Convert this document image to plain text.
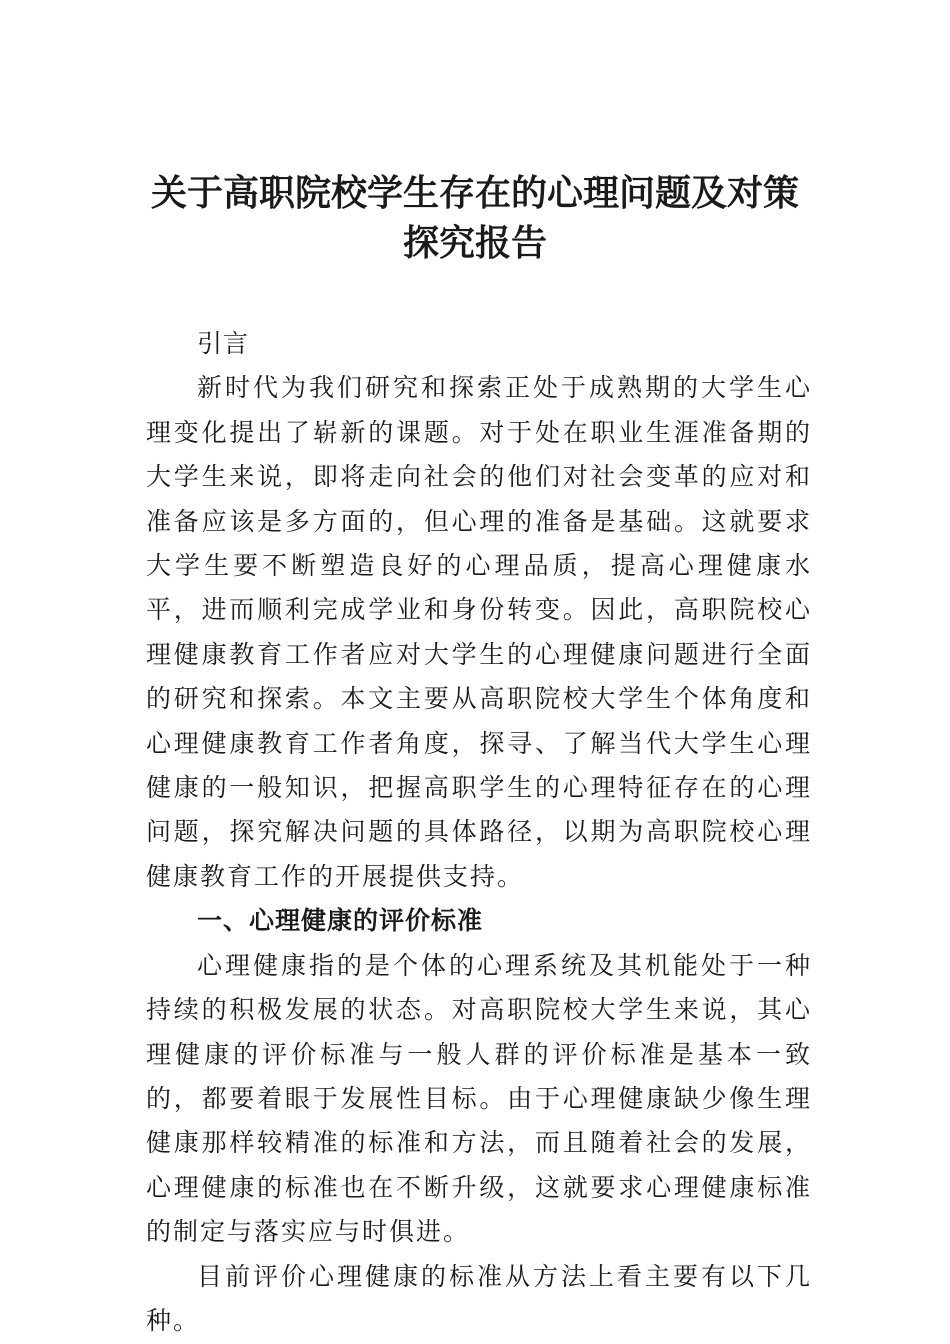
关于高职院校学生存在的心理问题及对策
探究报告

引言

新时代为我们研究和探索正处于成熟期的大学生心理变化提出了崭新的课题。对于处在职业生涯准备期的大学生来说，即将走向社会的他们对社会变革的应对和准备应该是多方面的，但心理的准备是基础。这就要求大学生要不断塑造良好的心理品质，提高心理健康水平，进而顺利完成学业和身份转变。因此，高职院校心理健康教育工作者应对大学生的心理健康问题进行全面的研究和探索。本文主要从高职院校大学生个体角度和心理健康教育工作者角度，探寻、了解当代大学生心理健康的一般知识，把握高职学生的心理特征存在的心理问题，探究解决问题的具体路径，以期为高职院校心理健康教育工作的开展提供支持。

一、心理健康的评价标准

心理健康指的是个体的心理系统及其机能处于一种持续的积极发展的状态。对高职院校大学生来说，其心理健康的评价标准与一般人群的评价标准是基本一致的，都要着眼于发展性目标。由于心理健康缺少像生理健康那样较精准的标准和方法，而且随着社会的发展，心理健康的标准也在不断升级，这就要求心理健康标准的制定与落实应与时俱进。

目前评价心理健康的标准从方法上看主要有以下几种。
